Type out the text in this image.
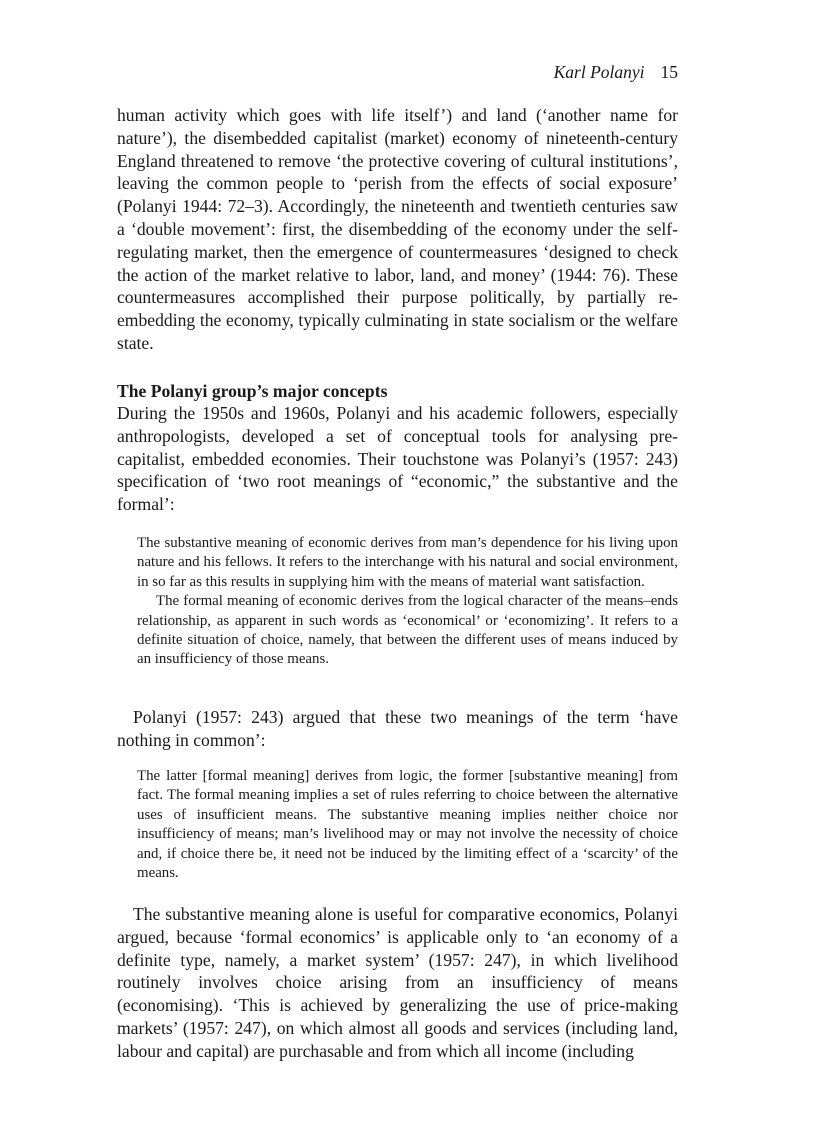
Karl Polanyi 15

human activity which goes with life itself’) and land (‘another name for nature’), the disembedded capitalist (market) economy of nineteenth-century England threatened to remove ‘the protective covering of cultural institutions’, leaving the common people to ‘perish from the effects of social exposure’ (Polanyi 1944: 72–3). Accordingly, the nineteenth and twentieth centuries saw a ‘double movement’: first, the disembedding of the economy under the self-regulating market, then the emergence of countermeasures ‘designed to check the action of the market relative to labor, land, and money’ (1944: 76). These countermeasures accomplished their purpose politically, by partially re-embedding the economy, typically culminating in state socialism or the welfare state.

The Polanyi group’s major concepts

During the 1950s and 1960s, Polanyi and his academic followers, especially anthropologists, developed a set of conceptual tools for analysing pre-capitalist, embedded economies. Their touchstone was Polanyi’s (1957: 243) specification of ‘two root meanings of “economic,” the substantive and the formal’:

The substantive meaning of economic derives from man’s dependence for his living upon nature and his fellows. It refers to the interchange with his natural and social environment, in so far as this results in supplying him with the means of material want satisfaction.

The formal meaning of economic derives from the logical character of the means–ends relationship, as apparent in such words as ‘economical’ or ‘economizing’. It refers to a definite situation of choice, namely, that between the different uses of means induced by an insufficiency of those means.

Polanyi (1957: 243) argued that these two meanings of the term ‘have nothing in common’:

The latter [formal meaning] derives from logic, the former [substantive meaning] from fact. The formal meaning implies a set of rules referring to choice between the alternative uses of insufficient means. The substantive meaning implies neither choice nor insufficiency of means; man’s livelihood may or may not involve the necessity of choice and, if choice there be, it need not be induced by the limiting effect of a ‘scarcity’ of the means.

The substantive meaning alone is useful for comparative economics, Polanyi argued, because ‘formal economics’ is applicable only to ‘an economy of a definite type, namely, a market system’ (1957: 247), in which livelihood routinely involves choice arising from an insufficiency of means (economising). ‘This is achieved by generalizing the use of price-making markets’ (1957: 247), on which almost all goods and services (including land, labour and capital) are purchasable and from which all income (including
